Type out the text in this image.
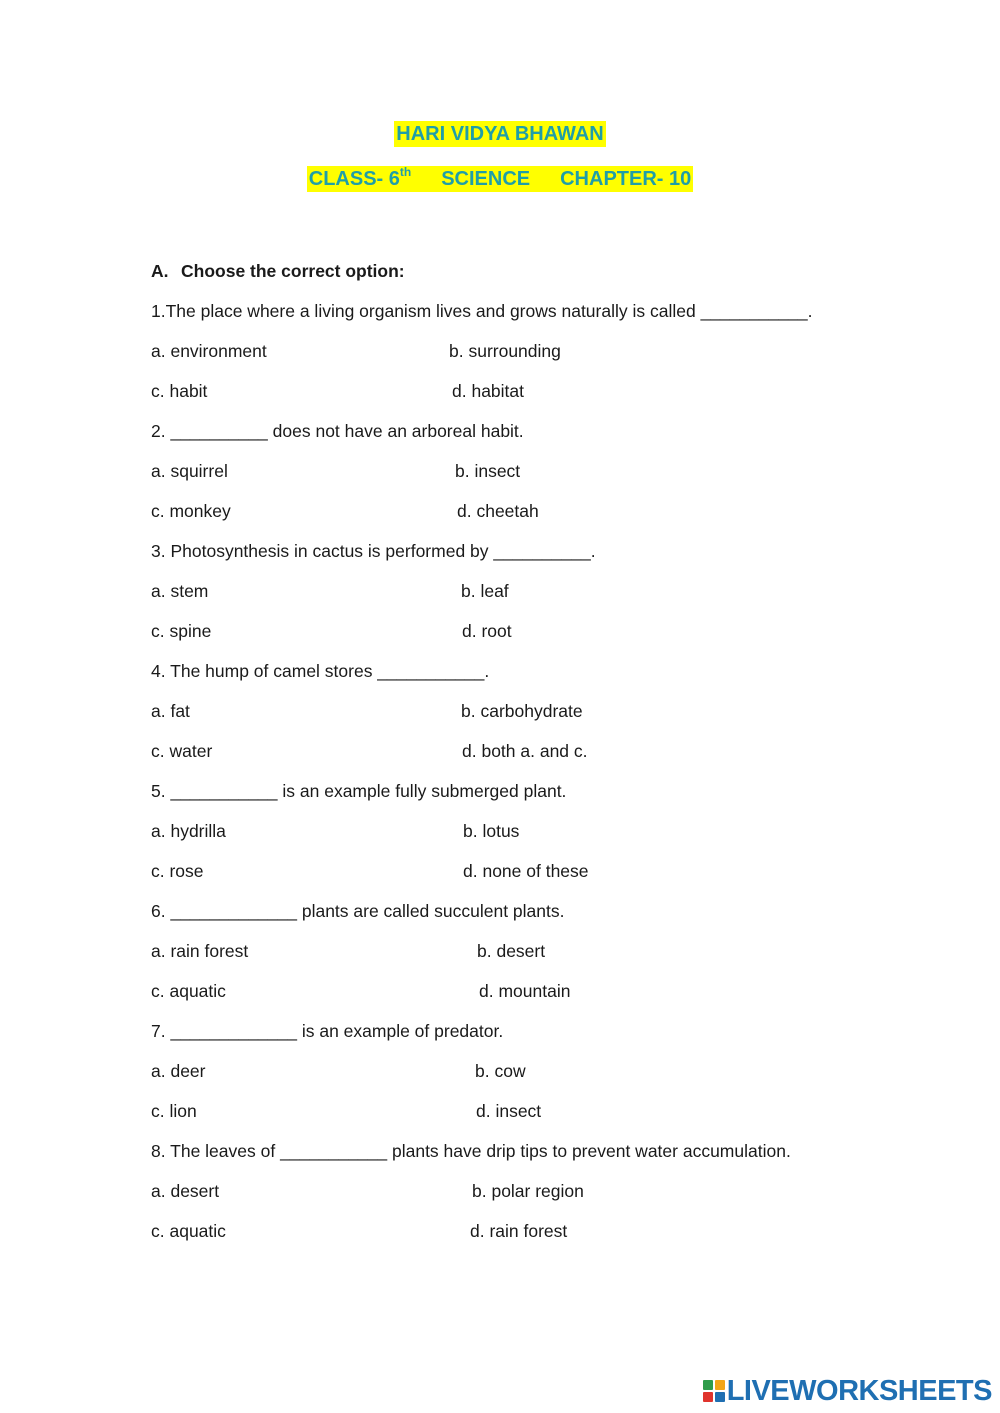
HARI VIDYA BHAWAN
CLASS- 6th SCIENCE CHAPTER- 10
A. Choose the correct option:
1.The place where a living organism lives and grows naturally is called ___________.
a. environment	b. surrounding
c. habit	d. habitat
2. __________ does not have an arboreal habit.
a. squirrel	b. insect
c. monkey	d. cheetah
3. Photosynthesis in cactus is performed by __________.
a. stem	b. leaf
c. spine	d. root
4. The hump of camel stores ___________.
a. fat	b. carbohydrate
c. water	d. both a. and c.
5. ___________ is an example fully submerged plant.
a. hydrilla	b. lotus
c. rose	d. none of these
6. _____________ plants are called succulent plants.
a. rain forest	b. desert
c. aquatic	d. mountain
7. _____________ is an example of predator.
a. deer	b. cow
c. lion	d. insect
8. The leaves of ___________ plants have drip tips to prevent water accumulation.
a. desert	b. polar region
c. aquatic	d. rain forest
LIVEWORKSHEETS
